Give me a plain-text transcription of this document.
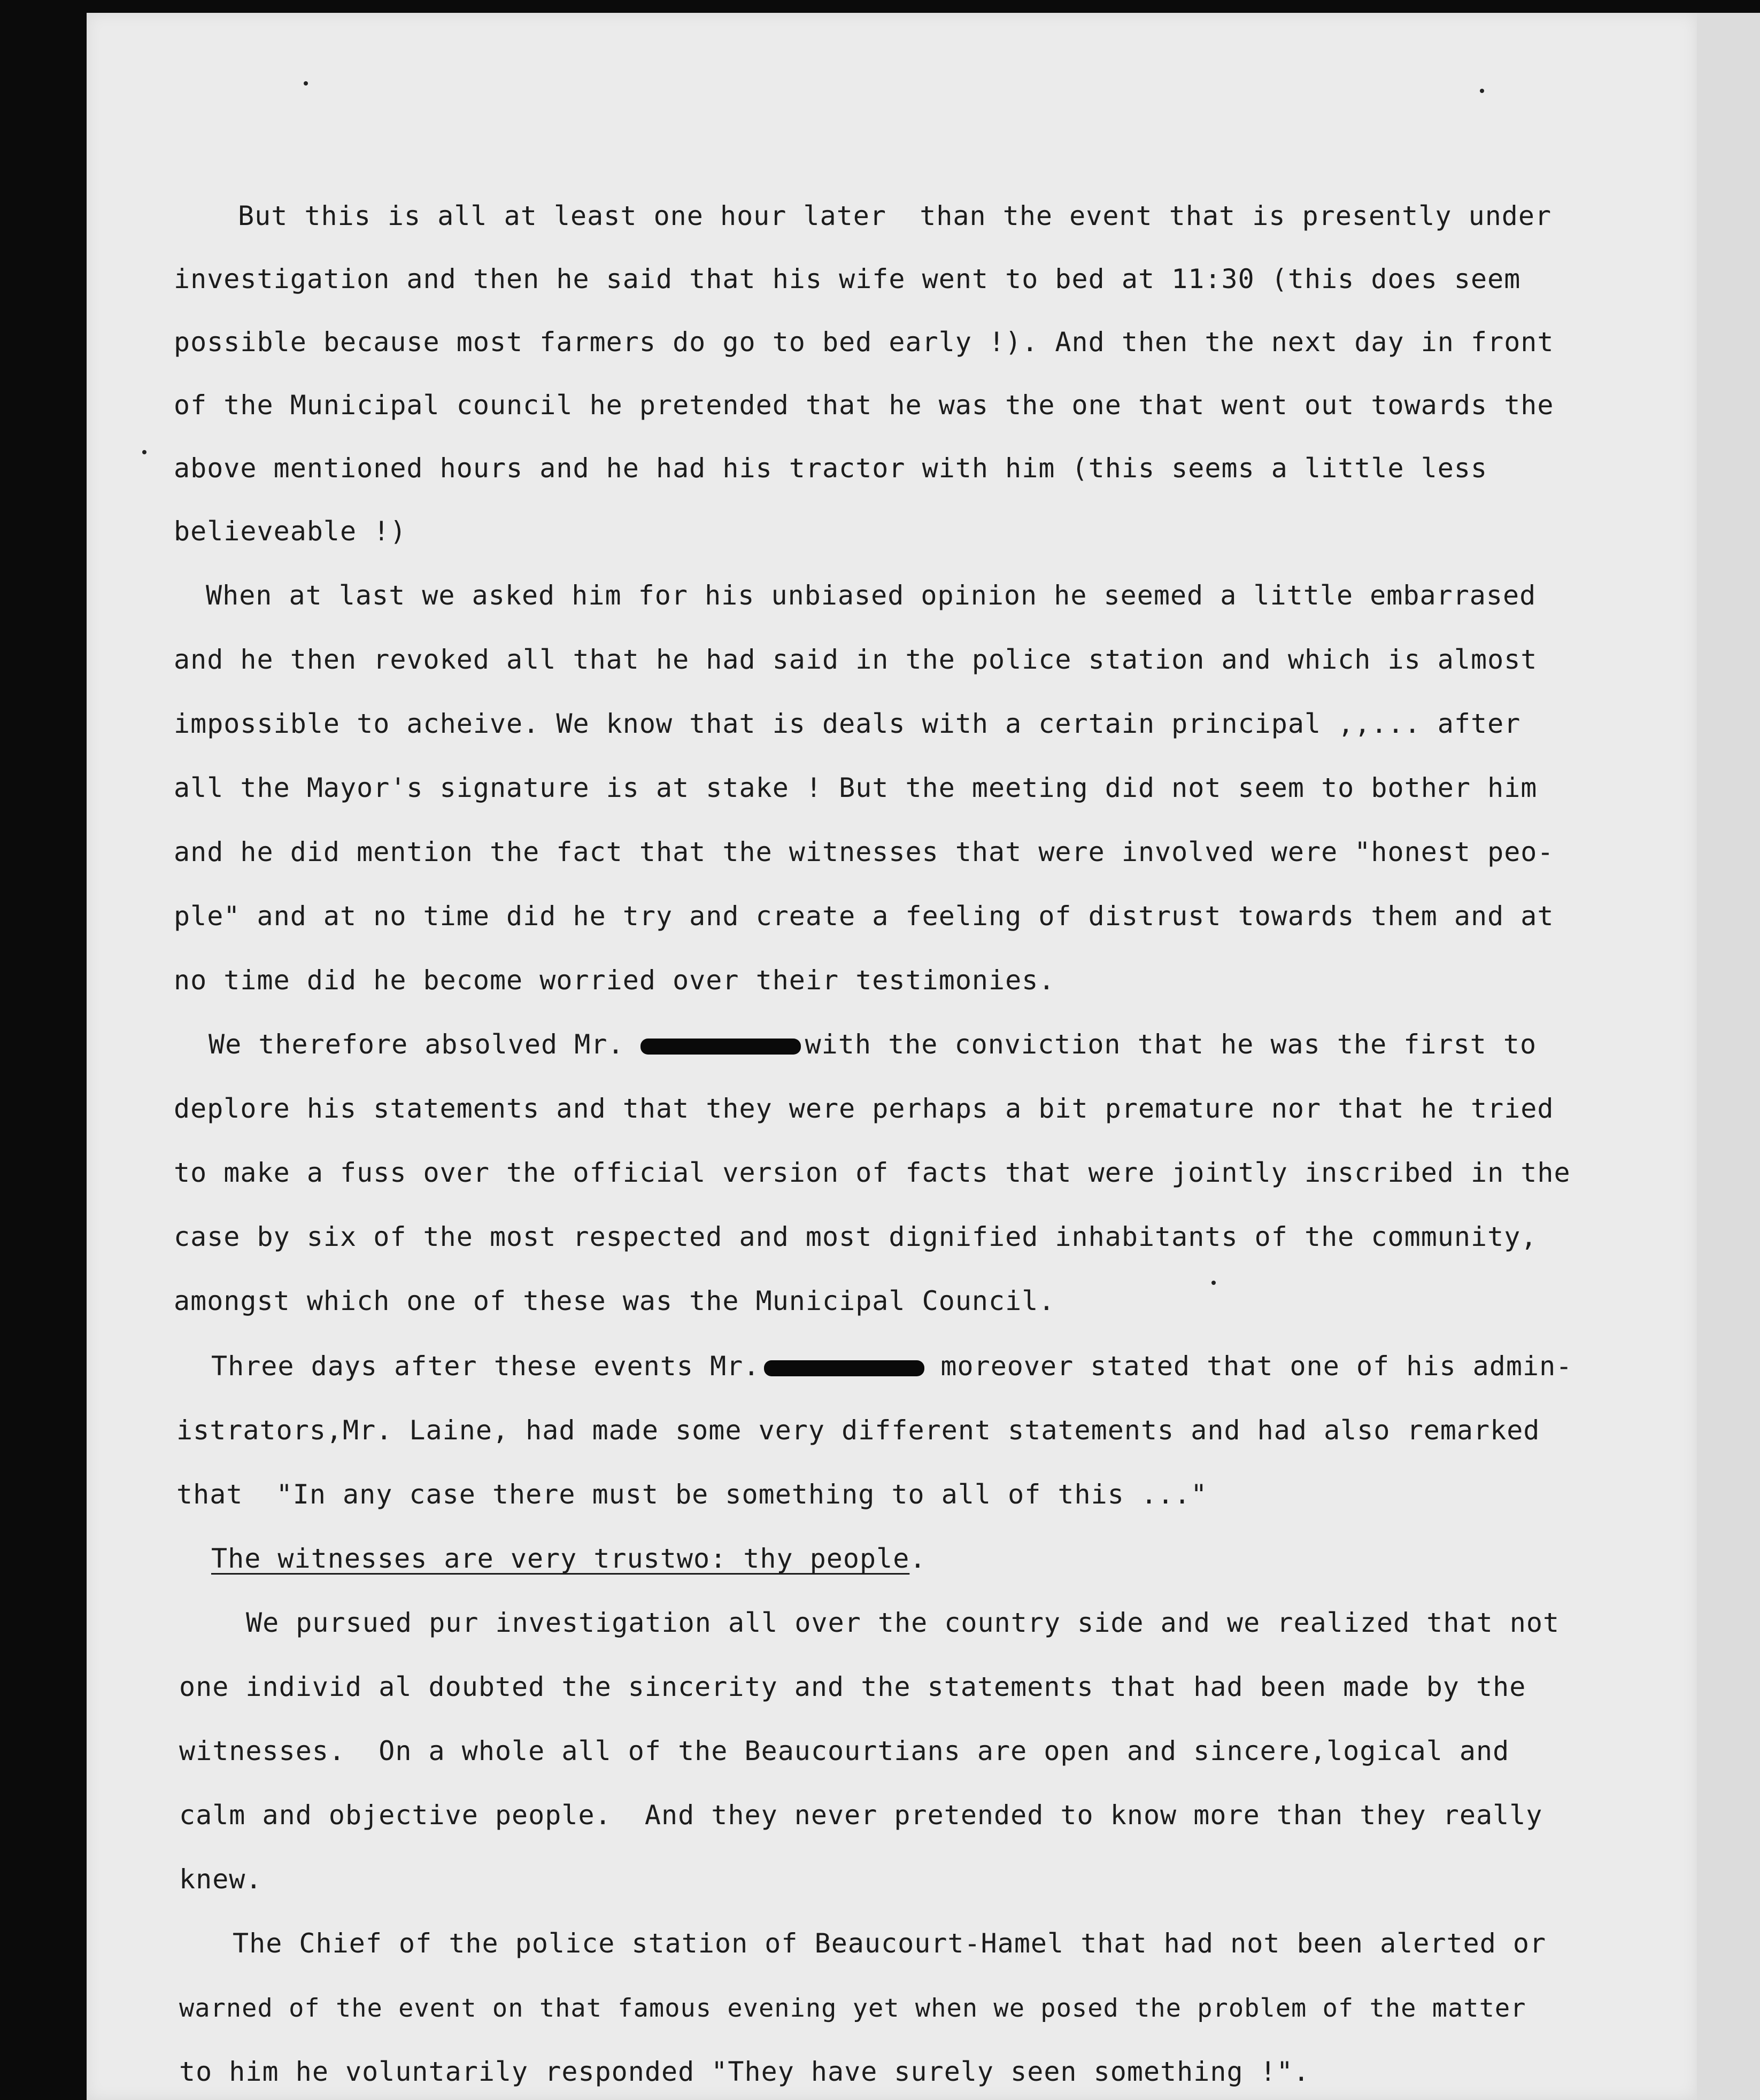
But this is all at least one hour later  than the event that is presently under

investigation and then he said that his wife went to bed at 11:30 (this does seem

possible because most farmers do go to bed early !). And then the next day in front

of the Municipal council he pretended that he was the one that went out towards the

above mentioned hours and he had his tractor with him (this seems a little less

believeable !)

When at last we asked him for his unbiased opinion he seemed a little embarrased

and he then revoked all that he had said in the police station and which is almost

impossible to acheive. We know that is deals with a certain principal ,,... after

all the Mayor's signature is at stake ! But the meeting did not seem to bother him

and he did mention the fact that the witnesses that were involved were "honest peo-

ple" and at no time did he try and create a feeling of distrust towards them and at

no time did he become worried over their testimonies.

We therefore absolved Mr.	with the conviction that he was the first to

deplore his statements and that they were perhaps a bit premature nor that he tried

to make a fuss over the official version of facts that were jointly inscribed in the

case by six of the most respected and most dignified inhabitants of the community,

amongst which one of these was the Municipal Council.

Three days after these events Mr.	moreover stated that one of his admin-

istrators,Mr. Laine, had made some very different statements and had also remarked

that  "In any case there must be something to all of this ..."

The witnesses are very trustwo: thy people.

We pursued pur investigation all over the country side and we realized that not

one individ al doubted the sincerity and the statements that had been made by the

witnesses.  On a whole all of the Beaucourtians are open and sincere,logical and

calm and objective people.  And they never pretended to know more than they really

knew.

The Chief of the police station of Beaucourt-Hamel that had not been alerted or

warned of the event on that famous evening yet when we posed the problem of the matter

to him he voluntarily responded "They have surely seen something !".
